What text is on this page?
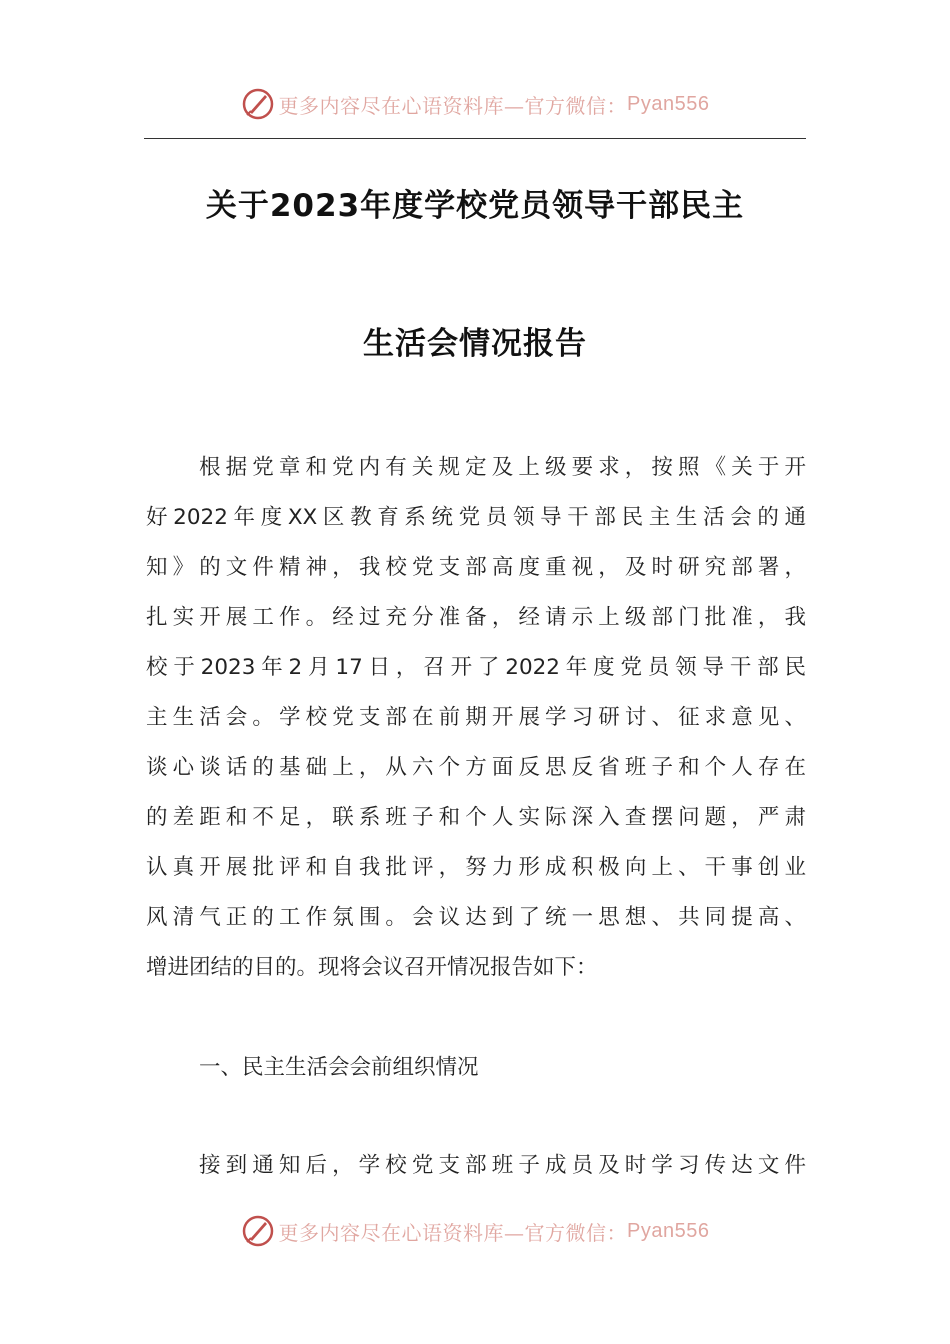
更多内容尽在心语资料库—官方微信： Pyan556
关于2023年度学校党员领导干部民主
生活会情况报告
根据党章和党内有关规定及上级要求，按照《关于开
好2022年度XX区教育系统党员领导干部民主生活会的通
知》的文件精神，我校党支部高度重视，及时研究部署，
扎实开展工作。经过充分准备，经请示上级部门批准，我
校于2023年2月17日，召开了2022年度党员领导干部民
主生活会。学校党支部在前期开展学习研讨、征求意见、
谈心谈话的基础上，从六个方面反思反省班子和个人存在
的差距和不足，联系班子和个人实际深入查摆问题，严肃
认真开展批评和自我批评，努力形成积极向上、干事创业
风清气正的工作氛围。会议达到了统一思想、共同提高、
增进团结的目的。现将会议召开情况报告如下：
一、民主生活会会前组织情况
接到通知后，学校党支部班子成员及时学习传达文件
更多内容尽在心语资料库—官方微信： Pyan556
